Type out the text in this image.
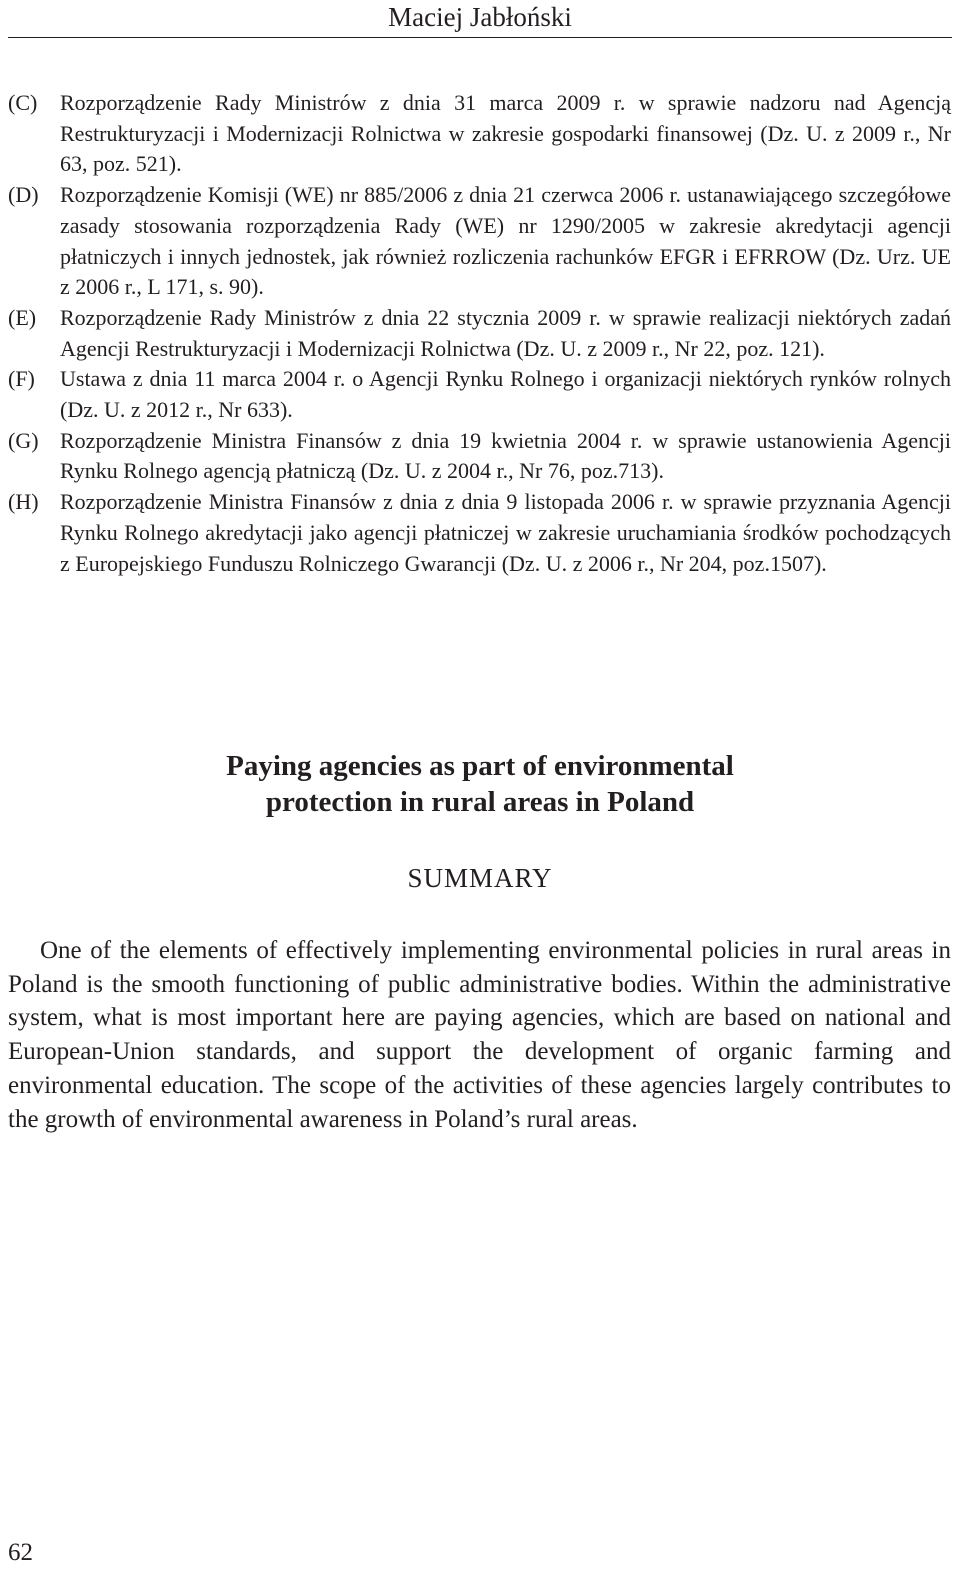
Maciej Jabłoński
(C)	Rozporządzenie Rady Ministrów z dnia 31 marca 2009 r. w sprawie nadzoru nad Agencją Restrukturyzacji i Modernizacji Rolnictwa w zakresie gospodarki finansowej (Dz. U. z 2009 r., Nr 63, poz. 521).
(D) Rozporządzenie Komisji (WE) nr 885/2006 z dnia 21 czerwca 2006 r. ustanawiającego szczegółowe zasady stosowania rozporządzenia Rady (WE) nr 1290/2005 w zakresie akredytacji agencji płatniczych i innych jednostek, jak również rozliczenia rachunków EFGR i EFRROW (Dz. Urz. UE z 2006 r., L 171, s. 90).
(E)	Rozporządzenie Rady Ministrów z dnia 22 stycznia 2009 r. w sprawie realizacji niektórych zadań Agencji Restrukturyzacji i Modernizacji Rolnictwa (Dz. U. z 2009 r., Nr 22, poz. 121).
(F)	Ustawa z dnia 11 marca 2004 r. o Agencji Rynku Rolnego i organizacji niektórych rynków rolnych (Dz. U. z 2012 r., Nr 633).
(G) Rozporządzenie Ministra Finansów z dnia 19 kwietnia 2004 r. w sprawie ustanowienia Agencji Rynku Rolnego agencją płatniczą (Dz. U. z 2004 r., Nr 76, poz.713).
(H) Rozporządzenie Ministra Finansów z dnia z dnia 9 listopada 2006 r. w sprawie przyznania Agencji Rynku Rolnego akredytacji jako agencji płatniczej w zakresie uruchamiania środków pochodzących z Europejskiego Funduszu Rolniczego Gwarancji (Dz. U. z 2006 r., Nr 204, poz.1507).
Paying agencies as part of environmental
protection in rural areas in Poland
SUMMARY

One of the elements of effectively implementing environmental policies in rural areas in Poland is the smooth functioning of public administrative bodies. Within the administrative system, what is most important here are paying agencies, which are based on national and European-Union standards, and support the development of organic farming and environmental education. The scope of the activities of these agencies largely contributes to the growth of environmental awareness in Poland’s rural areas.

62
